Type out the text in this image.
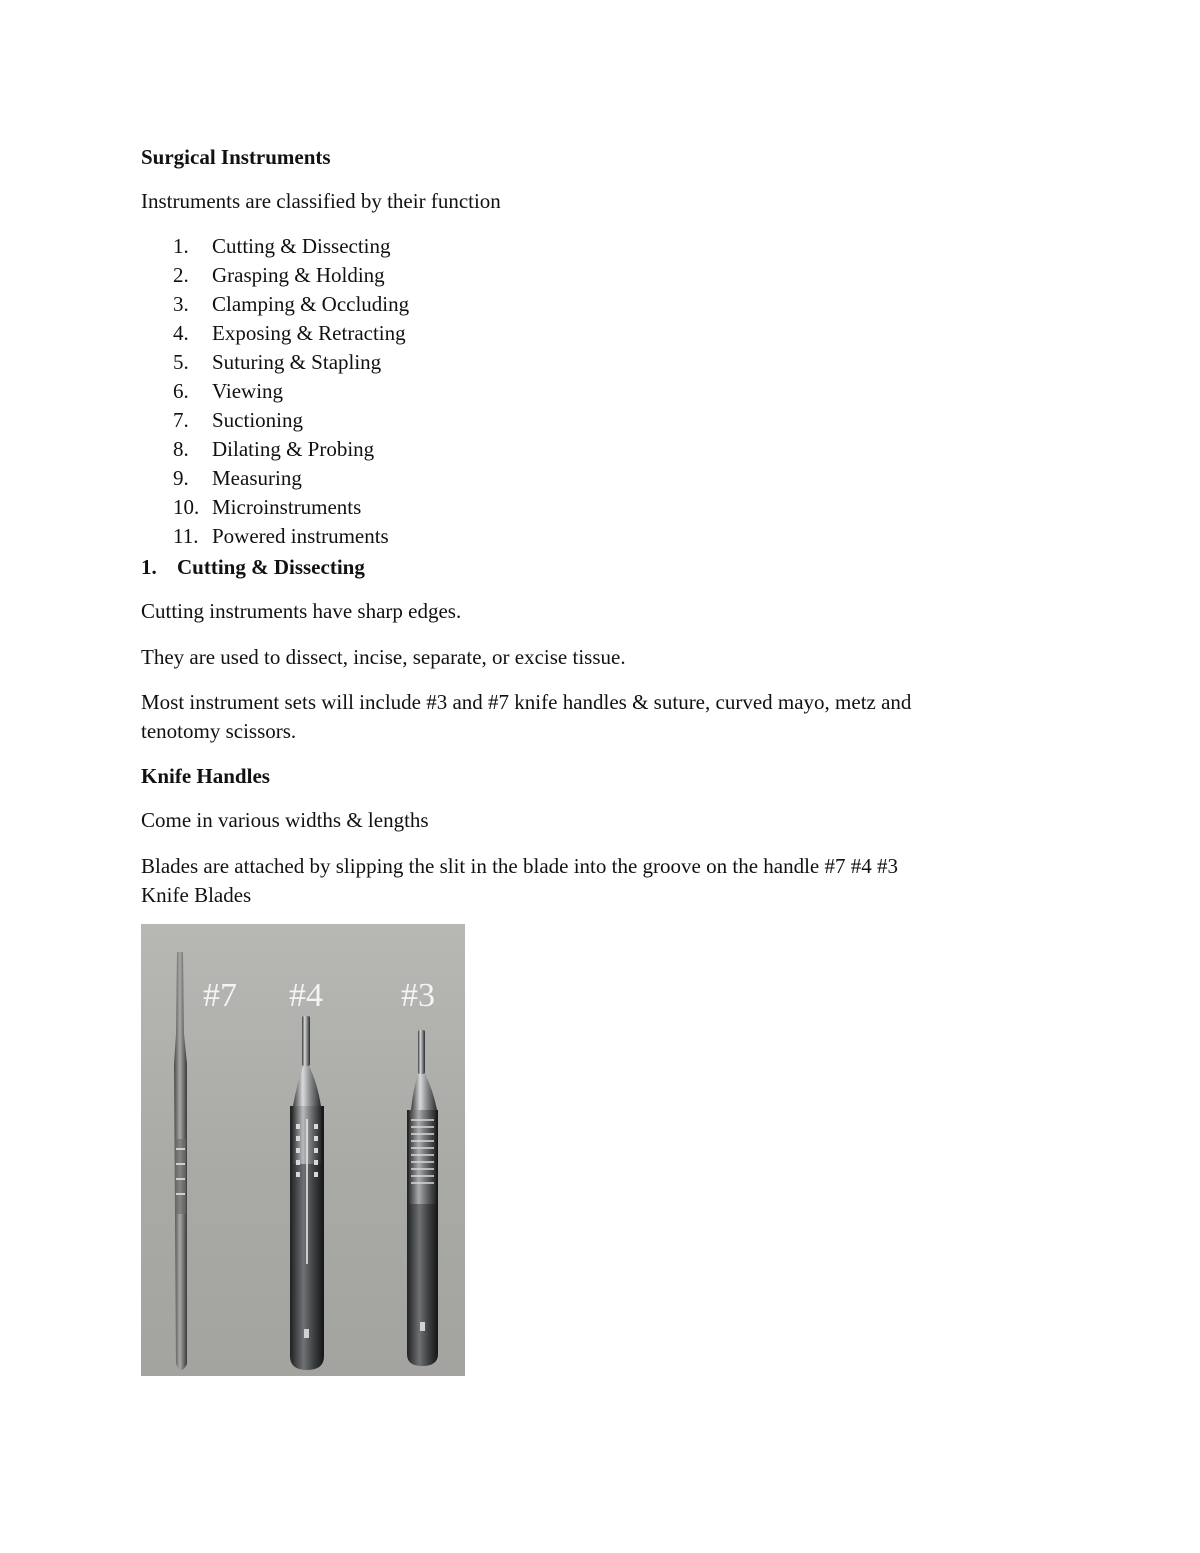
Surgical Instruments
Instruments are classified by their function
1.	Cutting & Dissecting
2.	Grasping & Holding
3.	Clamping & Occluding
4.	Exposing & Retracting
5.	Suturing & Stapling
6.	Viewing
7.	Suctioning
8.	Dilating & Probing
9.	Measuring
10. Microinstruments
11. Powered instruments
1. Cutting & Dissecting
Cutting instruments have sharp edges.
They are used to dissect, incise, separate, or excise tissue.
Most instrument sets will include #3 and #7 knife handles & suture, curved mayo, metz and
tenotomy scissors.
Knife Handles
Come in various widths & lengths
Blades are attached by slipping the slit in the blade into the groove on the handle #7 #4 #3
Knife Blades
#7 #4 #3
